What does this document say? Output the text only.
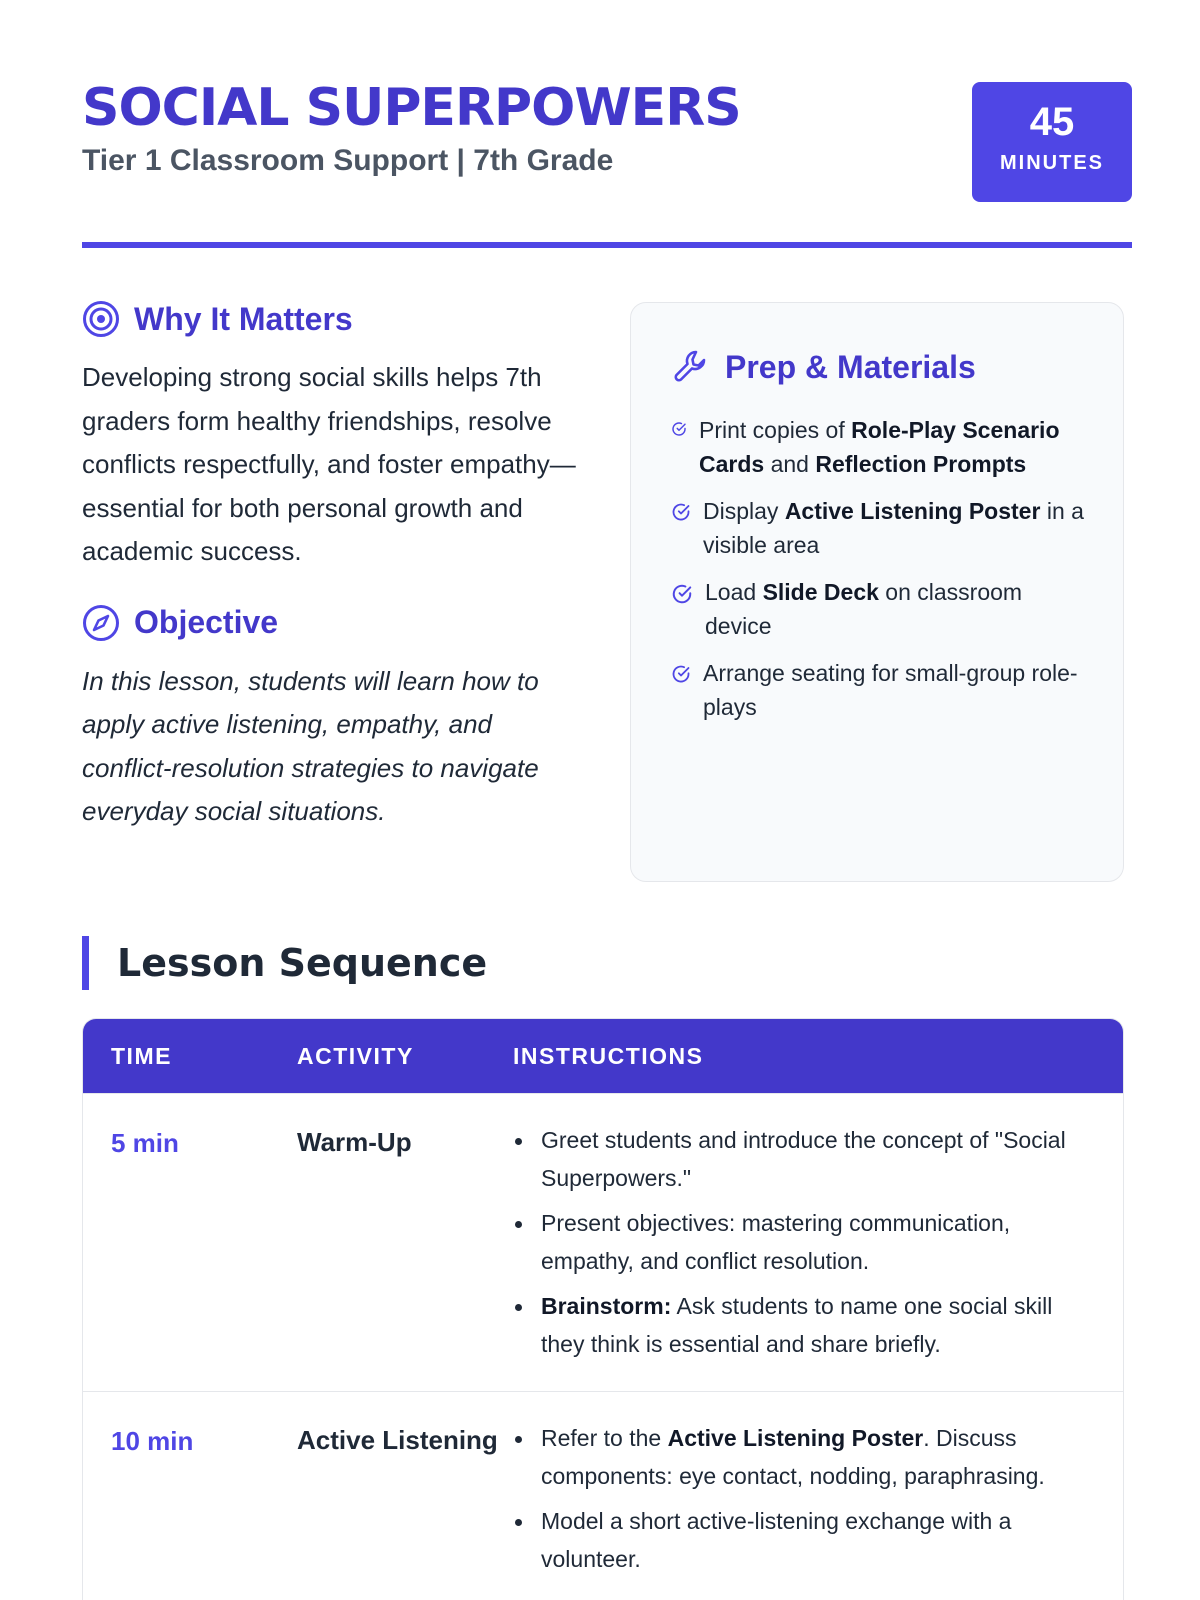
SOCIAL SUPERPOWERS
Tier 1 Classroom Support | 7th Grade
45
MINUTES
Why It Matters

Developing strong social skills helps 7th graders form healthy friendships, resolve conflicts respectfully, and foster empathy—essential for both personal growth and academic success.

Objective

In this lesson, students will learn how to apply active listening, empathy, and conflict-resolution strategies to navigate everyday social situations.

Prep & Materials
Print copies of Role-Play Scenario Cards and Reflection Prompts
Display Active Listening Poster in a visible area
Load Slide Deck on classroom device
Arrange seating for small-group role-plays
Lesson Sequence
TIME	ACTIVITY	INSTRUCTIONS
5 min	Warm-Up	Greet students and introduce the concept of "Social Superpowers."
Present objectives: mastering communication, empathy, and conflict resolution.
Brainstorm: Ask students to name one social skill they think is essential and share briefly.
10 min	Active Listening	Refer to the Active Listening Poster. Discuss components: eye contact, nodding, paraphrasing.
Model a short active-listening exchange with a volunteer.
